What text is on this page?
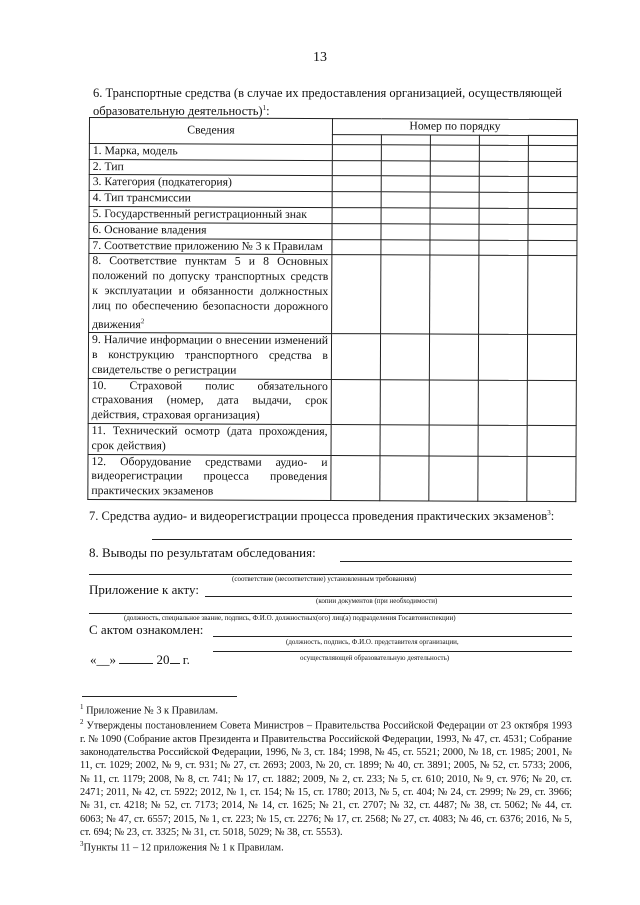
13
6. Транспортные средства (в случае их предоставления организацией, осуществляющей образовательную деятельность)$^1$:
Сведения	Номер по порядку				

1. Марка, модель					
2. Тип					
3. Категория (подкатегория)					
4. Тип трансмиссии					
5. Государственный регистрационный знак					
6. Основание владения					
7. Соответствие приложению № 3 к Правилам					
8. Соответствие пунктам 5 и 8 Основных положений по допуску транспортных средств к эксплуатации и обязанности должностных лиц по обеспечению безопасности дорожного движения$^2$					
9. Наличие информации о внесении изменений в конструкцию транспортного средства в свидетельстве о регистрации					
10. Страховой полис обязательного страхования (номер, дата выдачи, срок действия, страховая организация)					
11. Технический осмотр (дата прохождения, срок действия)					
12. Оборудование средствами аудио- и видеорегистрации процесса проведения практических экзаменов					
7. Средства аудио- и видеорегистрации процесса проведения практических экзаменов$^3$:
8. Выводы по результатам обследования:
(соответствие (несоответствие) установленным требованиям)
Приложение к акту:
(копии документов (при необходимости)
(должность, специальное звание, подпись, Ф.И.О. должностных(ого) лиц(а) подразделения Госавтоинспекции)
С актом ознакомлен:
(должность, подпись, Ф.И.О. представителя организации,
осуществляющей образовательную деятельность)
«__»	20 г.
$^1$ Приложение № 3 к Правилам.
$^2$ Утверждены постановлением Совета Министров – Правительства Российской Федерации от 23 октября 1993 г. № 1090 (Собрание актов Президента и Правительства Российской Федерации, 1993, № 47, ст. 4531; Собрание законодательства Российской Федерации, 1996, № 3, ст. 184; 1998, № 45, ст. 5521; 2000, № 18, ст. 1985; 2001, № 11, ст. 1029; 2002, № 9, ст. 931; № 27, ст. 2693; 2003, № 20, ст. 1899; № 40, ст. 3891; 2005, № 52, ст. 5733; 2006, № 11, ст. 1179; 2008, № 8, ст. 741; № 17, ст. 1882; 2009, № 2, ст. 233; № 5, ст. 610; 2010, № 9, ст. 976; № 20, ст. 2471; 2011, № 42, ст. 5922; 2012, № 1, ст. 154; № 15, ст. 1780; 2013, № 5, ст. 404; № 24, ст. 2999; № 29, ст. 3966; № 31, ст. 4218; № 52, ст. 7173; 2014, № 14, ст. 1625; № 21, ст. 2707; № 32, ст. 4487; № 38, ст. 5062; № 44, ст. 6063; № 47, ст. 6557; 2015, № 1, ст. 223; № 15, ст. 2276; № 17, ст. 2568; № 27, ст. 4083; № 46, ст. 6376; 2016, № 5, ст. 694; № 23, ст. 3325; № 31, ст. 5018, 5029; № 38, ст. 5553).
$^3$Пункты 11 – 12 приложения № 1 к Правилам.
